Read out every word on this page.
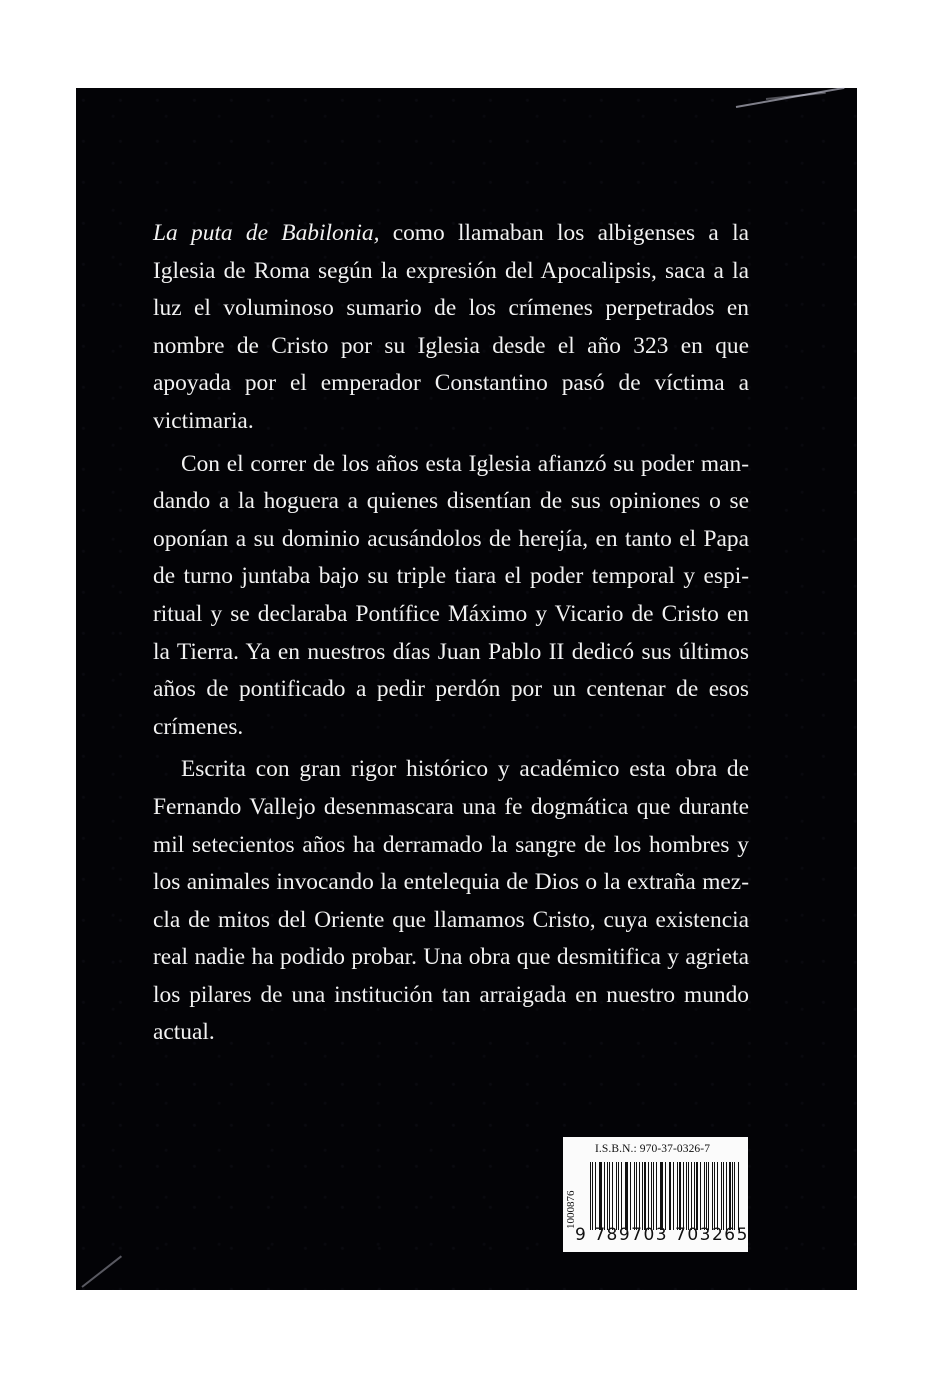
La puta de Babilonia, como llamaban los albigenses a la Iglesia de Roma según la expresión del Apocalipsis, saca a la luz el voluminoso sumario de los crímenes perpetrados en nombre de Cristo por su Iglesia desde el año 323 en que apoyada por el emperador Constantino pasó de víctima a victimaria.

Con el correr de los años esta Iglesia afianzó su poder mandando a la hoguera a quienes disentían de sus opiniones o se oponían a su dominio acusándolos de herejía, en tanto el Papa de turno juntaba bajo su triple tiara el poder temporal y espiritual y se declaraba Pontífice Máximo y Vicario de Cristo en la Tierra. Ya en nuestros días Juan Pablo II dedicó sus últimos años de pontificado a pedir perdón por un centenar de esos crímenes.

Escrita con gran rigor histórico y académico esta obra de Fernando Vallejo desenmascara una fe dogmática que durante mil setecientos años ha derramado la sangre de los hombres y los animales invocando la entelequia de Dios o la extraña mezcla de mitos del Oriente que llamamos Cristo, cuya existencia real nadie ha podido probar. Una obra que desmitifica y agrieta los pilares de una institución tan arraigada en nuestro mundo actual.

I.S.B.N.: 970-37-0326-7
1000876
9 789703 703265
